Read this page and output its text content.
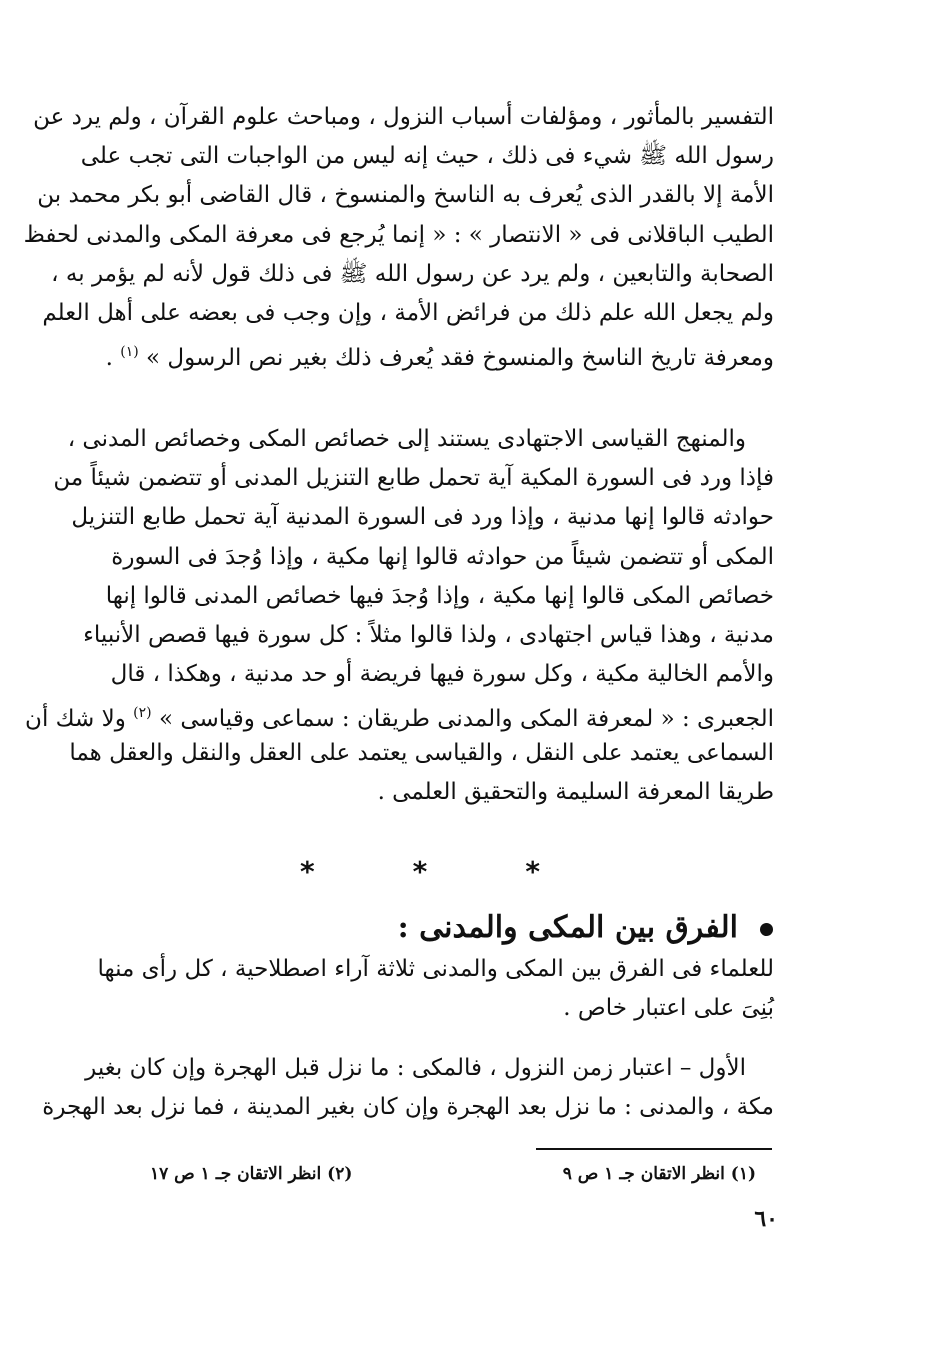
التفسير بالمأثور ، ومؤلفات أسباب النزول ، ومباحث علوم القرآن ، ولم يرد عن
رسول الله ﷺ شيء فى ذلك ، حيث إنه ليس من الواجبات التى تجب على
الأمة إلا بالقدر الذى يُعرف به الناسخ والمنسوخ ، قال القاضى أبو بكر محمد بن
الطيب الباقلانى فى « الانتصار » : « إنما يُرجع فى معرفة المكى والمدنى لحفظ
الصحابة والتابعين ، ولم يرد عن رسول الله ﷺ فى ذلك قول لأنه لم يؤمر به ،
ولم يجعل الله علم ذلك من فرائض الأمة ، وإن وجب فى بعضه على أهل العلم
ومعرفة تاريخ الناسخ والمنسوخ فقد يُعرف ذلك بغير نص الرسول » $^{(١)}$ .
والمنهج القياسى الاجتهادى يستند إلى خصائص المكى وخصائص المدنى ،
فإذا ورد فى السورة المكية آية تحمل طابع التنزيل المدنى أو تتضمن شيئاً من
حوادثه قالوا إنها مدنية ، وإذا ورد فى السورة المدنية آية تحمل طابع التنزيل
المكى أو تتضمن شيئاً من حوادثه قالوا إنها مكية ، وإذا وُجدَ فى السورة
خصائص المكى قالوا إنها مكية ، وإذا وُجدَ فيها خصائص المدنى قالوا إنها
مدنية ، وهذا قياس اجتهادى ، ولذا قالوا مثلاً : كل سورة فيها قصص الأنبياء
والأمم الخالية مكية ، وكل سورة فيها فريضة أو حد مدنية ، وهكذا ، قال
الجعبرى : « لمعرفة المكى والمدنى طريقان : سماعى وقياسى » $^{(٢)}$ ولا شك أن
السماعى يعتمد على النقل ، والقياسى يعتمد على العقل والنقل والعقل هما
طريقا المعرفة السليمة والتحقيق العلمى .
*
*
*
الفرق بين المكى والمدنى :
للعلماء فى الفرق بين المكى والمدنى ثلاثة آراء اصطلاحية ، كل رأى منها
بُنِىَ على اعتبار خاص .
الأول – اعتبار زمن النزول ، فالمكى : ما نزل قبل الهجرة وإن كان بغير
مكة ، والمدنى : ما نزل بعد الهجرة وإن كان بغير المدينة ، فما نزل بعد الهجرة
(١) انظر الاتقان جـ ١ ص ٩
(٢) انظر الاتقان جـ ١ ص ١٧
٦٠
